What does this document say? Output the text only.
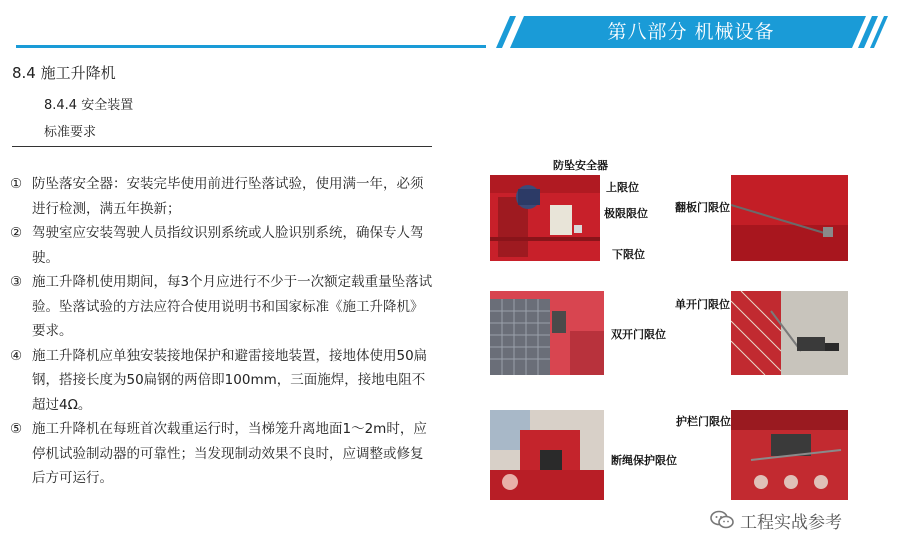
第八部分 机械设备
8.4 施工升降机
8.4.4 安全装置
标准要求
① 防坠落安全器：安装完毕使用前进行坠落试验，使用满一年，必须进行检测，满五年换新；
② 驾驶室应安装驾驶人员指纹识别系统或人脸识别系统，确保专人驾驶。
③ 施工升降机使用期间，每3个月应进行不少于一次额定载重量坠落试验。坠落试验的方法应符合使用说明书和国家标准《施工升降机》要求。
④ 施工升降机应单独安装接地保护和避雷接地装置，接地体使用50扁钢，搭接长度为50扁钢的两倍即100mm，三面施焊，接地电阻不超过4Ω。
⑤ 施工升降机在每班首次载重运行时，当梯笼升离地面1～2m时，应停机试验制动器的可靠性；当发现制动效果不良时，应调整或修复后方可运行。
防坠安全器
上限位
极限限位
下限位
翻板门限位
双开门限位
单开门限位
断绳保护限位
护栏门限位
工程实战参考
